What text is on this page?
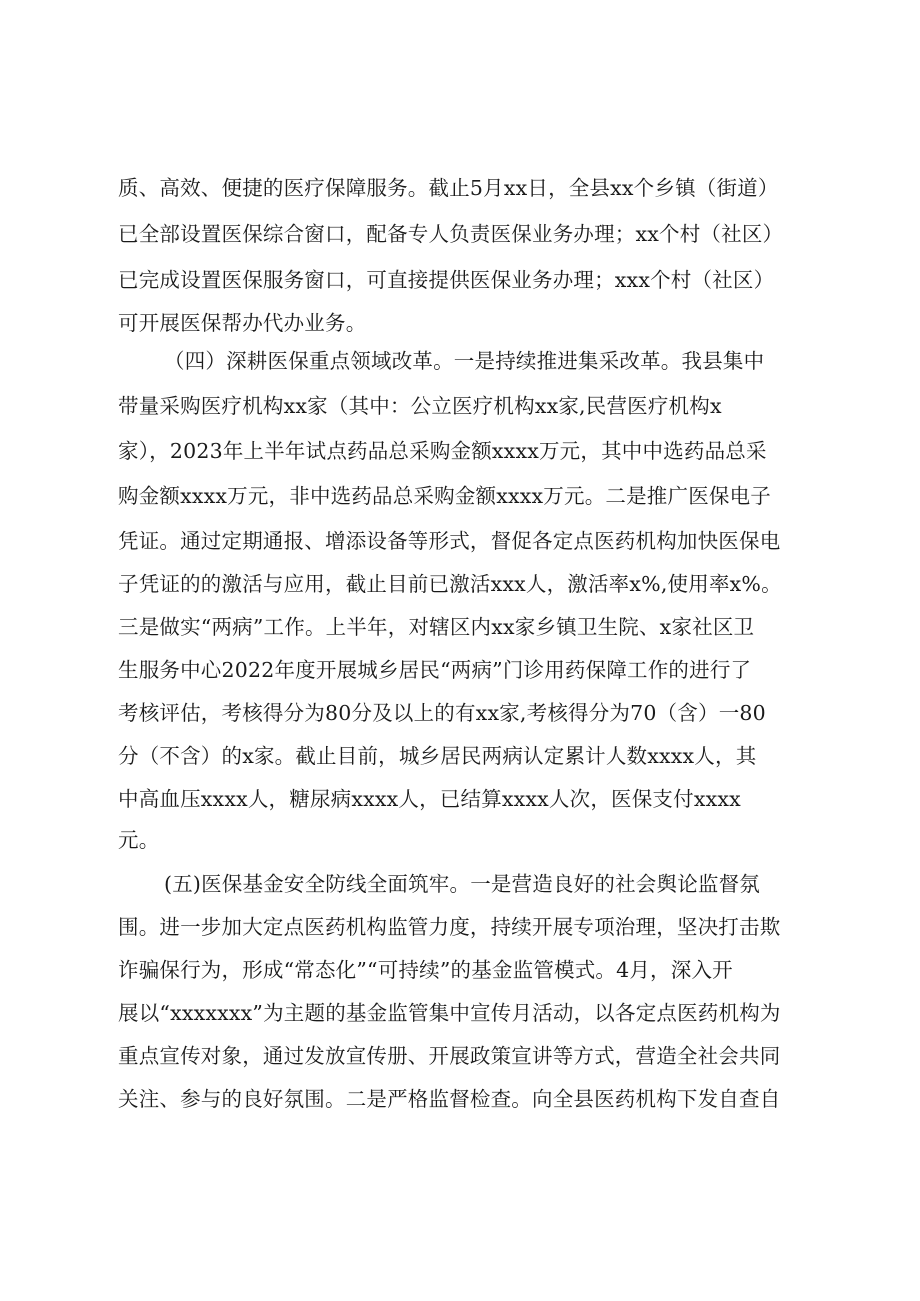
质、高效、便捷的医疗保障服务。截止5月xx日，全县xx个乡镇（街道）
已全部设置医保综合窗口，配备专人负责医保业务办理；xx个村（社区）
已完成设置医保服务窗口，可直接提供医保业务办理；xxx个村（社区）
可开展医保帮办代办业务。
（四）深耕医保重点领域改革。一是持续推进集采改革。我县集中
带量采购医疗机构xx家（其中：公立医疗机构xx家,民营医疗机构x
家），2023年上半年试点药品总采购金额xxxx万元，其中中选药品总采
购金额xxxx万元，非中选药品总采购金额xxxx万元。二是推广医保电子
凭证。通过定期通报、增添设备等形式，督促各定点医药机构加快医保电
子凭证的的激活与应用，截止目前已激活xxx人，激活率x%,使用率x%。
三是做实“两病”工作。上半年，对辖区内xx家乡镇卫生院、x家社区卫
生服务中心2022年度开展城乡居民“两病”门诊用药保障工作的进行了
考核评估，考核得分为80分及以上的有xx家,考核得分为70（含）一80
分（不含）的x家。截止目前，城乡居民两病认定累计人数xxxx人，其
中高血压xxxx人，糖尿病xxxx人，已结算xxxx人次，医保支付xxxx
元。
(五)医保基金安全防线全面筑牢。一是营造良好的社会舆论监督氛
围。进一步加大定点医药机构监管力度，持续开展专项治理，坚决打击欺
诈骗保行为，形成“常态化”“可持续”的基金监管模式。4月，深入开
展以“xxxxxxx”为主题的基金监管集中宣传月活动，以各定点医药机构为
重点宣传对象，通过发放宣传册、开展政策宣讲等方式，营造全社会共同
关注、参与的良好氛围。二是严格监督检查。向全县医药机构下发自查自
